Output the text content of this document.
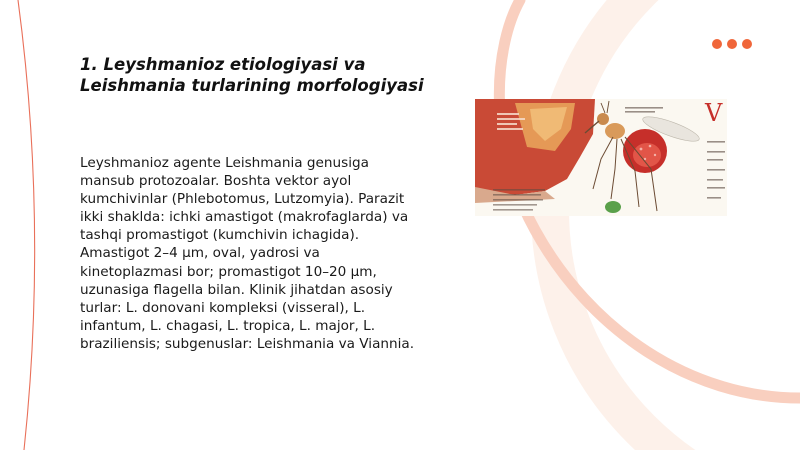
1. Leyshmanioz etiologiyasi va Leishmania turlarining morfologiyasi
Leyshmanioz agente Leishmania genusiga mansub protozoalar. Boshta vektor ayol kumchivinlar (Phlebotomus, Lutzomyia). Parazit ikki shaklda: ichki amastigot (makrofaglarda) va tashqi promastigot (kumchivin ichagida). Amastigot 2–4 μm, oval, yadrosi va kinetoplazmasi bor; promastigot 10–20 μm, uzunasiga flagella bilan. Klinik jihatdan asosiy turlar: L. donovani kompleksi (visseral), L. infantum, L. chagasi, L. tropica, L. major, L. braziliensis; subgenuslar: Leishmania va Viannia.
V
